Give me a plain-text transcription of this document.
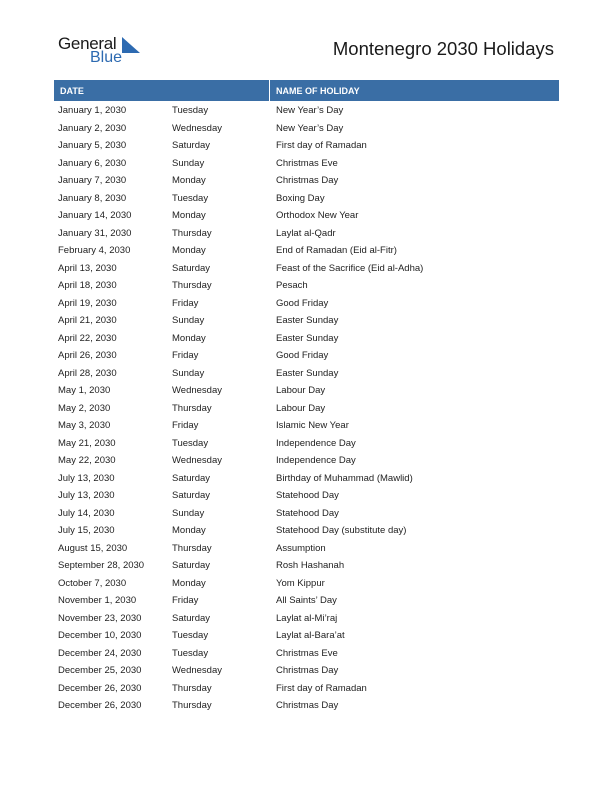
General
Blue	Montenegro 2030 Holidays
DATE	NAME OF HOLIDAY
January 1, 2030	Tuesday	New Year’s Day
January 2, 2030	Wednesday	New Year’s Day
January 5, 2030	Saturday	First day of Ramadan
January 6, 2030	Sunday	Christmas Eve
January 7, 2030	Monday	Christmas Day
January 8, 2030	Tuesday	Boxing Day
January 14, 2030	Monday	Orthodox New Year
January 31, 2030	Thursday	Laylat al-Qadr
February 4, 2030	Monday	End of Ramadan (Eid al-Fitr)
April 13, 2030	Saturday	Feast of the Sacrifice (Eid al-Adha)
April 18, 2030	Thursday	Pesach
April 19, 2030	Friday	Good Friday
April 21, 2030	Sunday	Easter Sunday
April 22, 2030	Monday	Easter Sunday
April 26, 2030	Friday	Good Friday
April 28, 2030	Sunday	Easter Sunday
May 1, 2030	Wednesday	Labour Day
May 2, 2030	Thursday	Labour Day
May 3, 2030	Friday	Islamic New Year
May 21, 2030	Tuesday	Independence Day
May 22, 2030	Wednesday	Independence Day
July 13, 2030	Saturday	Birthday of Muhammad (Mawlid)
July 13, 2030	Saturday	Statehood Day
July 14, 2030	Sunday	Statehood Day
July 15, 2030	Monday	Statehood Day (substitute day)
August 15, 2030	Thursday	Assumption
September 28, 2030	Saturday	Rosh Hashanah
October 7, 2030	Monday	Yom Kippur
November 1, 2030	Friday	All Saints’ Day
November 23, 2030	Saturday	Laylat al-Mi’raj
December 10, 2030	Tuesday	Laylat al-Bara’at
December 24, 2030	Tuesday	Christmas Eve
December 25, 2030	Wednesday	Christmas Day
December 26, 2030	Thursday	First day of Ramadan
December 26, 2030	Thursday	Christmas Day
